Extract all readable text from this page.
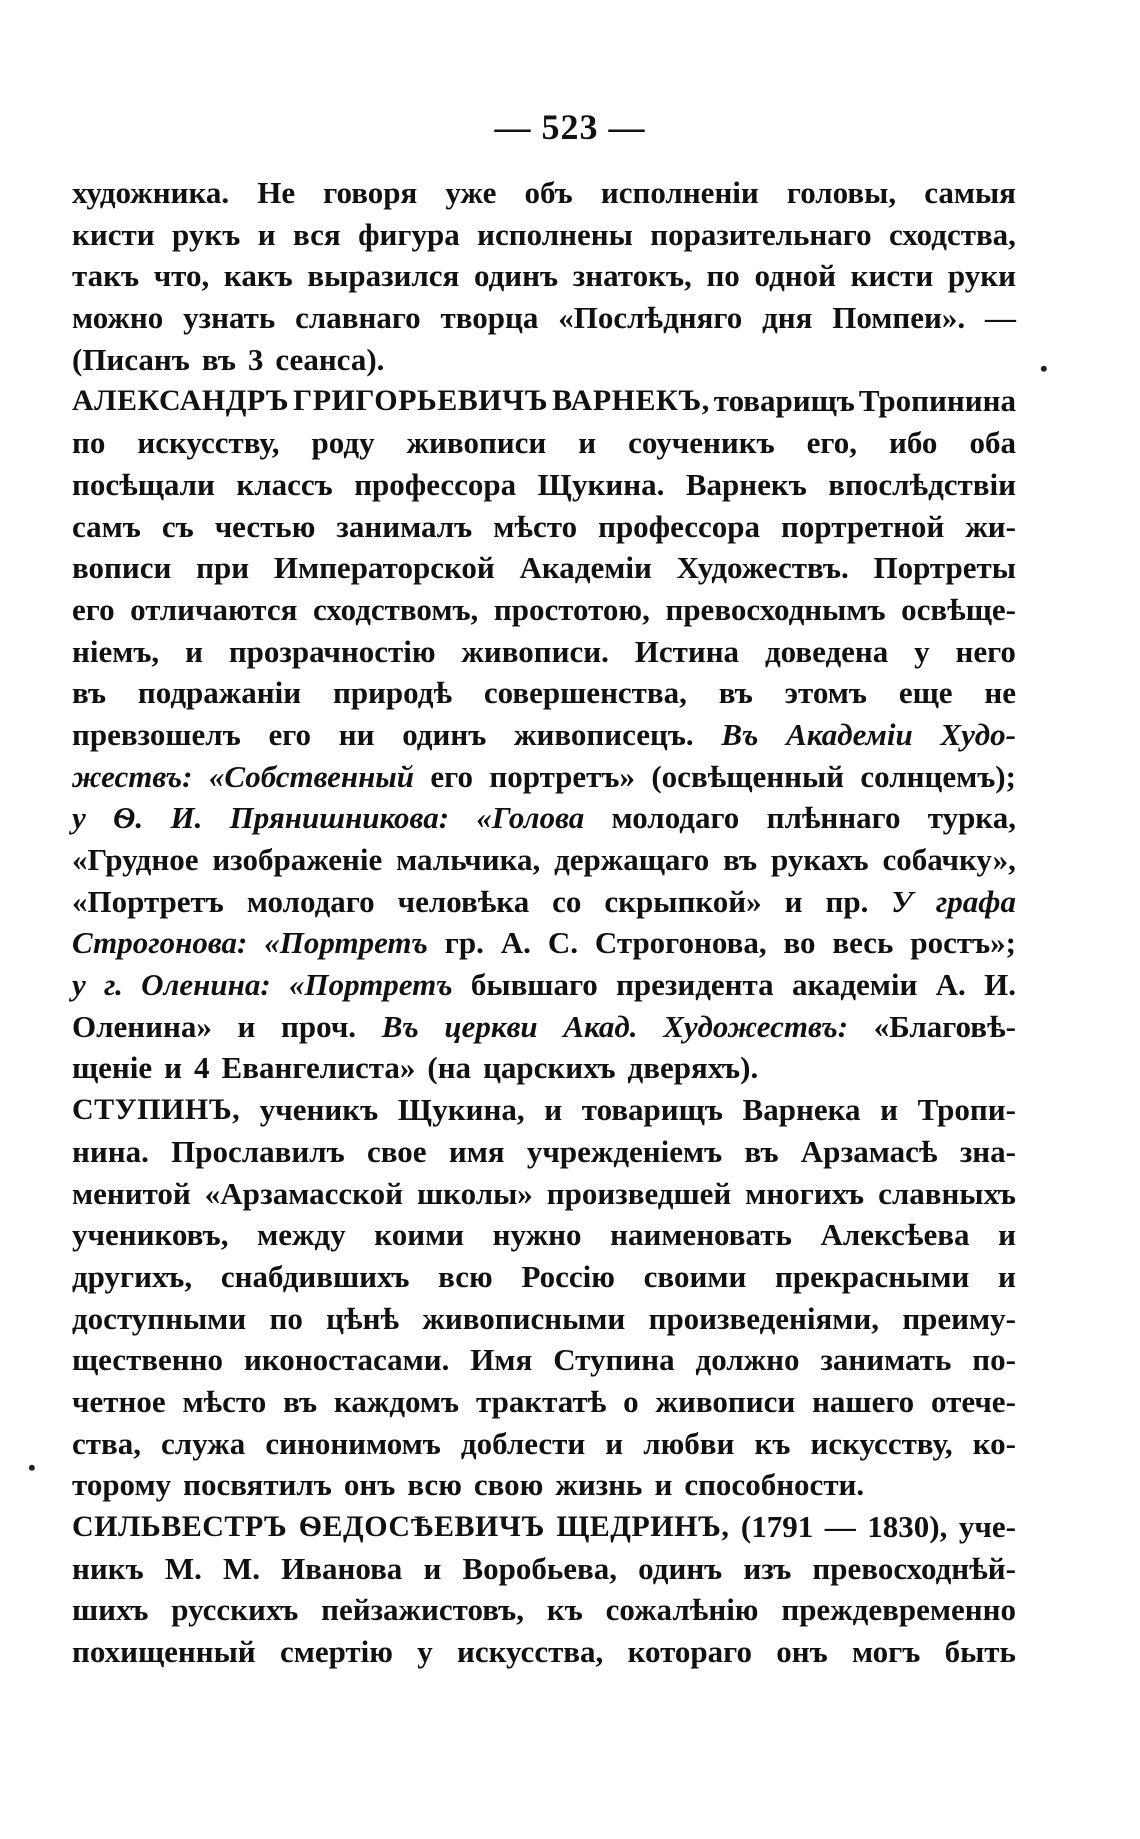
— 523 —
художника. Не говоря уже объ исполненіи головы, самыя
кисти рукъ и вся фигура исполнены поразительнаго сходства,
такъ что, какъ выразился одинъ знатокъ, по одной кисти руки
можно узнать славнаго творца «Послѣдняго дня Помпеи». —
(Писанъ въ 3 сеанса).
АЛЕКСАНДРЪ ГРИГОРЬЕВИЧЪ ВАРНЕКЪ, товарищъ Тропинина
по искусству, роду живописи и соученикъ его, ибо оба
посѣщали классъ профессора Щукина. Варнекъ впослѣдствіи
самъ съ честью занималъ мѣсто профессора портретной жи-
вописи при Императорской Академіи Художествъ. Портреты
его отличаются сходствомъ, простотою, превосходнымъ освѣще-
ніемъ, и прозрачностію живописи. Истина доведена у него
въ подражаніи природѣ совершенства, въ этомъ еще не
превзошелъ его ни одинъ живописецъ. Въ Академіи Худо-
жествъ: «Собственный его портретъ» (освѣщенный солнцемъ);
у Ѳ. И. Прянишникова: «Голова молодаго плѣннаго турка,
«Грудное изображеніе мальчика, держащаго въ рукахъ собачку»,
«Портретъ молодаго человѣка со скрыпкой» и пр. У графа
Строгонова: «Портретъ гр. А. С. Строгонова, во весь ростъ»;
у г. Оленина: «Портретъ бывшаго президента академіи А. И.
Оленина» и проч. Въ церкви Акад. Художествъ: «Благовѣ-
щеніе и 4 Евангелиста» (на царскихъ дверяхъ).
СТУПИНЪ, ученикъ Щукина, и товарищъ Варнека и Тропи-
нина. Прославилъ свое имя учрежденіемъ въ Арзамасѣ зна-
менитой «Арзамасской школы» произведшей многихъ славныхъ
учениковъ, между коими нужно наименовать Алексѣева и
другихъ, снабдившихъ всю Россію своими прекрасными и
доступными по цѣнѣ живописными произведеніями, преиму-
щественно иконостасами. Имя Ступина должно занимать по-
четное мѣсто въ каждомъ трактатѣ о живописи нашего отече-
ства, служа синонимомъ доблести и любви къ искусству, ко-
торому посвятилъ онъ всю свою жизнь и способности.
СИЛЬВЕСТРЪ ѲЕДОСѢЕВИЧЪ ЩЕДРИНЪ, (1791 — 1830), уче-
никъ М. М. Иванова и Воробьева, одинъ изъ превосходнѣй-
шихъ русскихъ пейзажистовъ, къ сожалѣнію преждевременно
похищенный смертію у искусства, котораго онъ могъ быть
•
•
